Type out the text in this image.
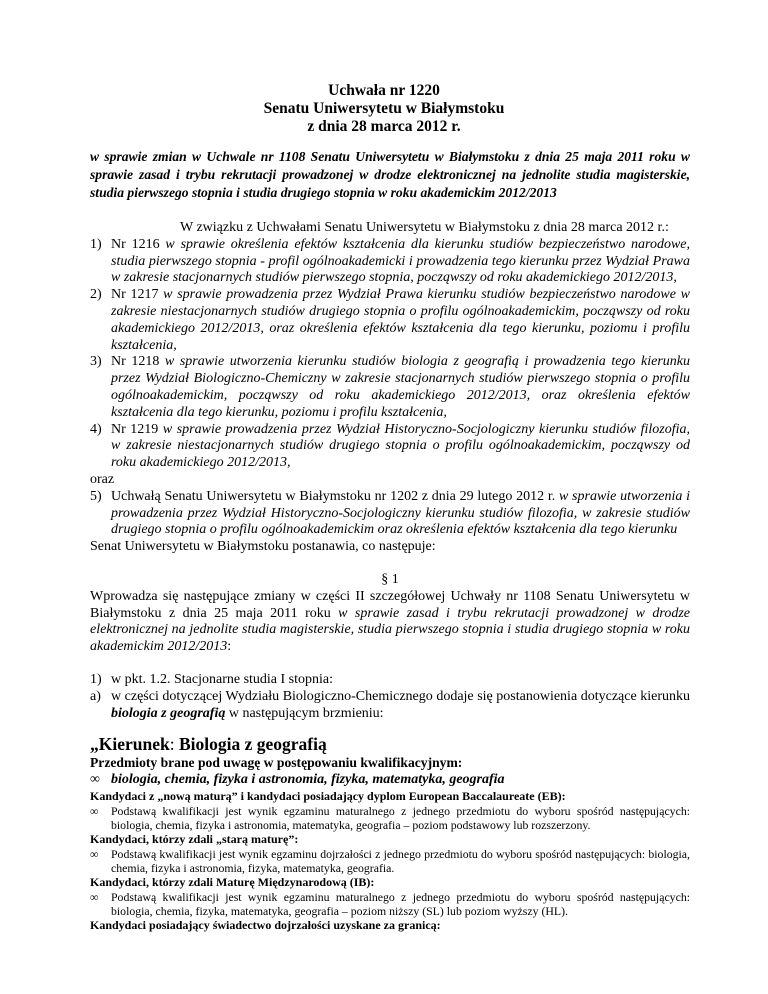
Uchwała nr 1220
Senatu Uniwersytetu w Białymstoku
z dnia 28 marca 2012 r.
w sprawie zmian w Uchwale nr 1108 Senatu Uniwersytetu w Białymstoku z dnia 25 maja 2011 roku w sprawie zasad i trybu rekrutacji prowadzonej w drodze elektronicznej na jednolite studia magisterskie, studia pierwszego stopnia i studia drugiego stopnia w roku akademickim 2012/2013
W związku z Uchwałami Senatu Uniwersytetu w Białymstoku z dnia 28 marca 2012 r.:
1) Nr 1216 w sprawie określenia efektów kształcenia dla kierunku studiów bezpieczeństwo narodowe, studia pierwszego stopnia - profil ogólnoakademicki i prowadzenia tego kierunku przez Wydział Prawa w zakresie stacjonarnych studiów pierwszego stopnia, począwszy od roku akademickiego 2012/2013,
2) Nr 1217 w sprawie prowadzenia przez Wydział Prawa kierunku studiów bezpieczeństwo narodowe w zakresie niestacjonarnych studiów drugiego stopnia o profilu ogólnoakademickim, począwszy od roku akademickiego 2012/2013, oraz określenia efektów kształcenia dla tego kierunku, poziomu i profilu kształcenia,
3) Nr 1218 w sprawie utworzenia kierunku studiów biologia z geografią i prowadzenia tego kierunku przez Wydział Biologiczno-Chemiczny w zakresie stacjonarnych studiów pierwszego stopnia o profilu ogólnoakademickim, począwszy od roku akademickiego 2012/2013, oraz określenia efektów kształcenia dla tego kierunku, poziomu i profilu kształcenia,
4) Nr 1219 w sprawie prowadzenia przez Wydział Historyczno-Socjologiczny kierunku studiów filozofia, w zakresie niestacjonarnych studiów drugiego stopnia o profilu ogólnoakademickim, począwszy od roku akademickiego 2012/2013,
oraz
5) Uchwałą Senatu Uniwersytetu w Białymstoku nr 1202 z dnia 29 lutego 2012 r. w sprawie utworzenia i prowadzenia przez Wydział Historyczno-Socjologiczny kierunku studiów filozofia, w zakresie studiów drugiego stopnia o profilu ogólnoakademickim oraz określenia efektów kształcenia dla tego kierunku
Senat Uniwersytetu w Białymstoku postanawia, co następuje:
§ 1
Wprowadza się następujące zmiany w części II szczegółowej Uchwały nr 1108 Senatu Uniwersytetu w Białymstoku z dnia 25 maja 2011 roku w sprawie zasad i trybu rekrutacji prowadzonej w drodze elektronicznej na jednolite studia magisterskie, studia pierwszego stopnia i studia drugiego stopnia w roku akademickim 2012/2013:
1) w pkt. 1.2. Stacjonarne studia I stopnia:
a) w części dotyczącej Wydziału Biologiczno-Chemicznego dodaje się postanowienia dotyczące kierunku biologia z geografią w następującym brzmieniu:
„Kierunek: Biologia z geografią
Przedmioty brane pod uwagę w postępowaniu kwalifikacyjnym:
∞ biologia, chemia, fizyka i astronomia, fizyka, matematyka, geografia
Kandydaci z „nową maturą” i kandydaci posiadający dyplom European Baccalaureate (EB):
∞ Podstawą kwalifikacji jest wynik egzaminu maturalnego z jednego przedmiotu do wyboru spośród następujących: biologia, chemia, fizyka i astronomia, matematyka, geografia – poziom podstawowy lub rozszerzony.
Kandydaci, którzy zdali „starą maturę”:
∞ Podstawą kwalifikacji jest wynik egzaminu dojrzałości z jednego przedmiotu do wyboru spośród następujących: biologia, chemia, fizyka i astronomia, fizyka, matematyka, geografia.
Kandydaci, którzy zdali Maturę Międzynarodową (IB):
∞ Podstawą kwalifikacji jest wynik egzaminu maturalnego z jednego przedmiotu do wyboru spośród następujących: biologia, chemia, fizyka, matematyka, geografia – poziom niższy (SL) lub poziom wyższy (HL).
Kandydaci posiadający świadectwo dojrzałości uzyskane za granicą:
